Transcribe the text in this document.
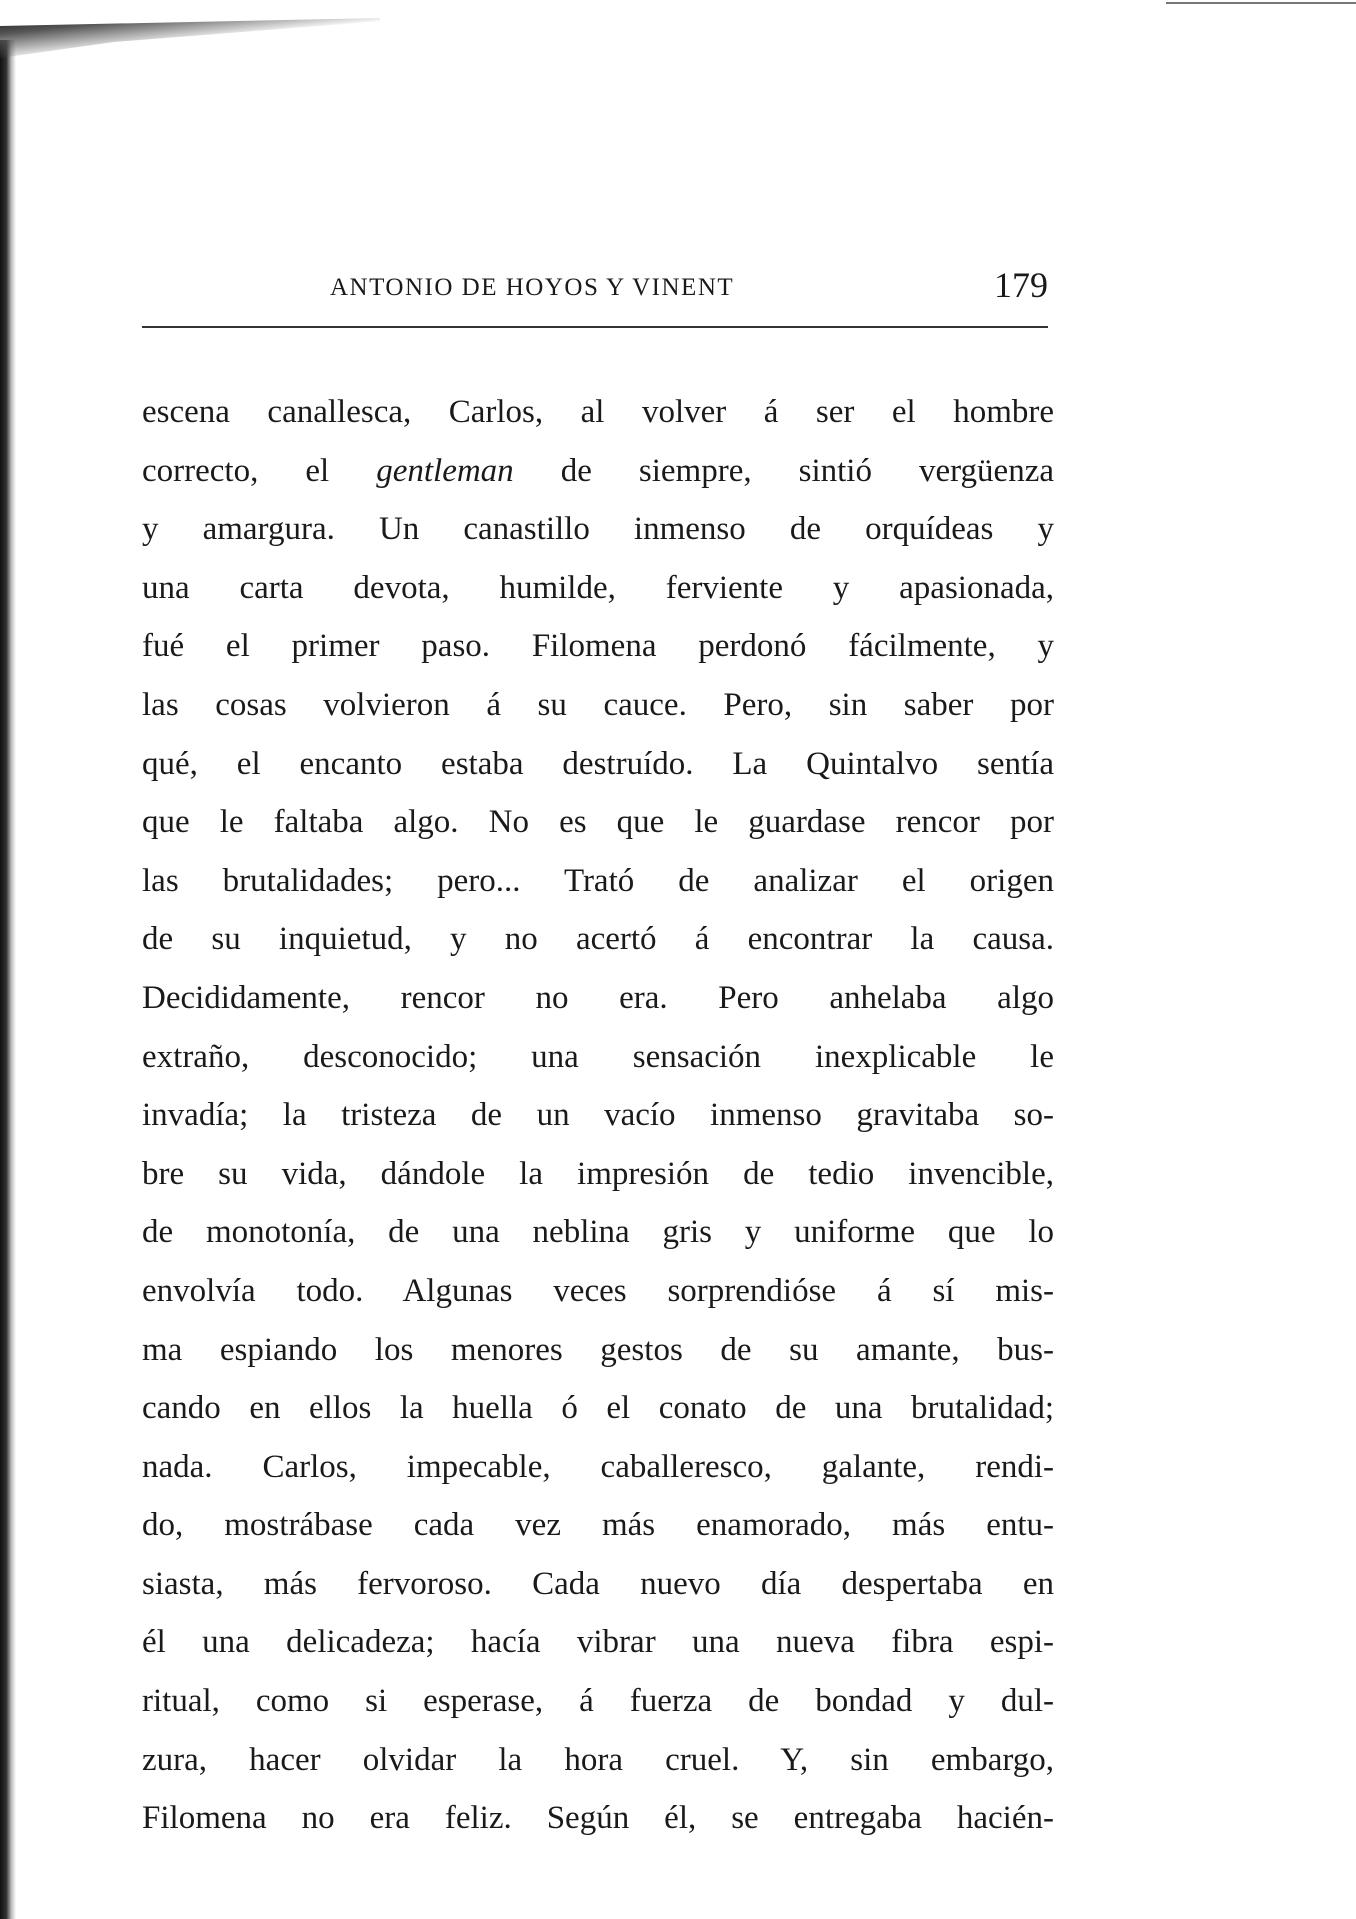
ANTONIO DE HOYOS Y VINENT	179
escena canallesca, Carlos, al volver á ser el hombre
correcto, el gentleman de siempre, sintió vergüenza
y amargura. Un canastillo inmenso de orquídeas y
una carta devota, humilde, ferviente y apasionada,
fué el primer paso. Filomena perdonó fácilmente, y
las cosas volvieron á su cauce. Pero, sin saber por
qué, el encanto estaba destruído. La Quintalvo sentía
que le faltaba algo. No es que le guardase rencor por
las brutalidades; pero... Trató de analizar el origen
de su inquietud, y no acertó á encontrar la causa.
Decididamente, rencor no era. Pero anhelaba algo
extraño, desconocido; una sensación inexplicable le
invadía; la tristeza de un vacío inmenso gravitaba so-
bre su vida, dándole la impresión de tedio invencible,
de monotonía, de una neblina gris y uniforme que lo
envolvía todo. Algunas veces sorprendióse á sí mis-
ma espiando los menores gestos de su amante, bus-
cando en ellos la huella ó el conato de una brutalidad;
nada. Carlos, impecable, caballeresco, galante, rendi-
do, mostrábase cada vez más enamorado, más entu-
siasta, más fervoroso. Cada nuevo día despertaba en
él una delicadeza; hacía vibrar una nueva fibra espi-
ritual, como si esperase, á fuerza de bondad y dul-
zura, hacer olvidar la hora cruel. Y, sin embargo,
Filomena no era feliz. Según él, se entregaba hacién-
